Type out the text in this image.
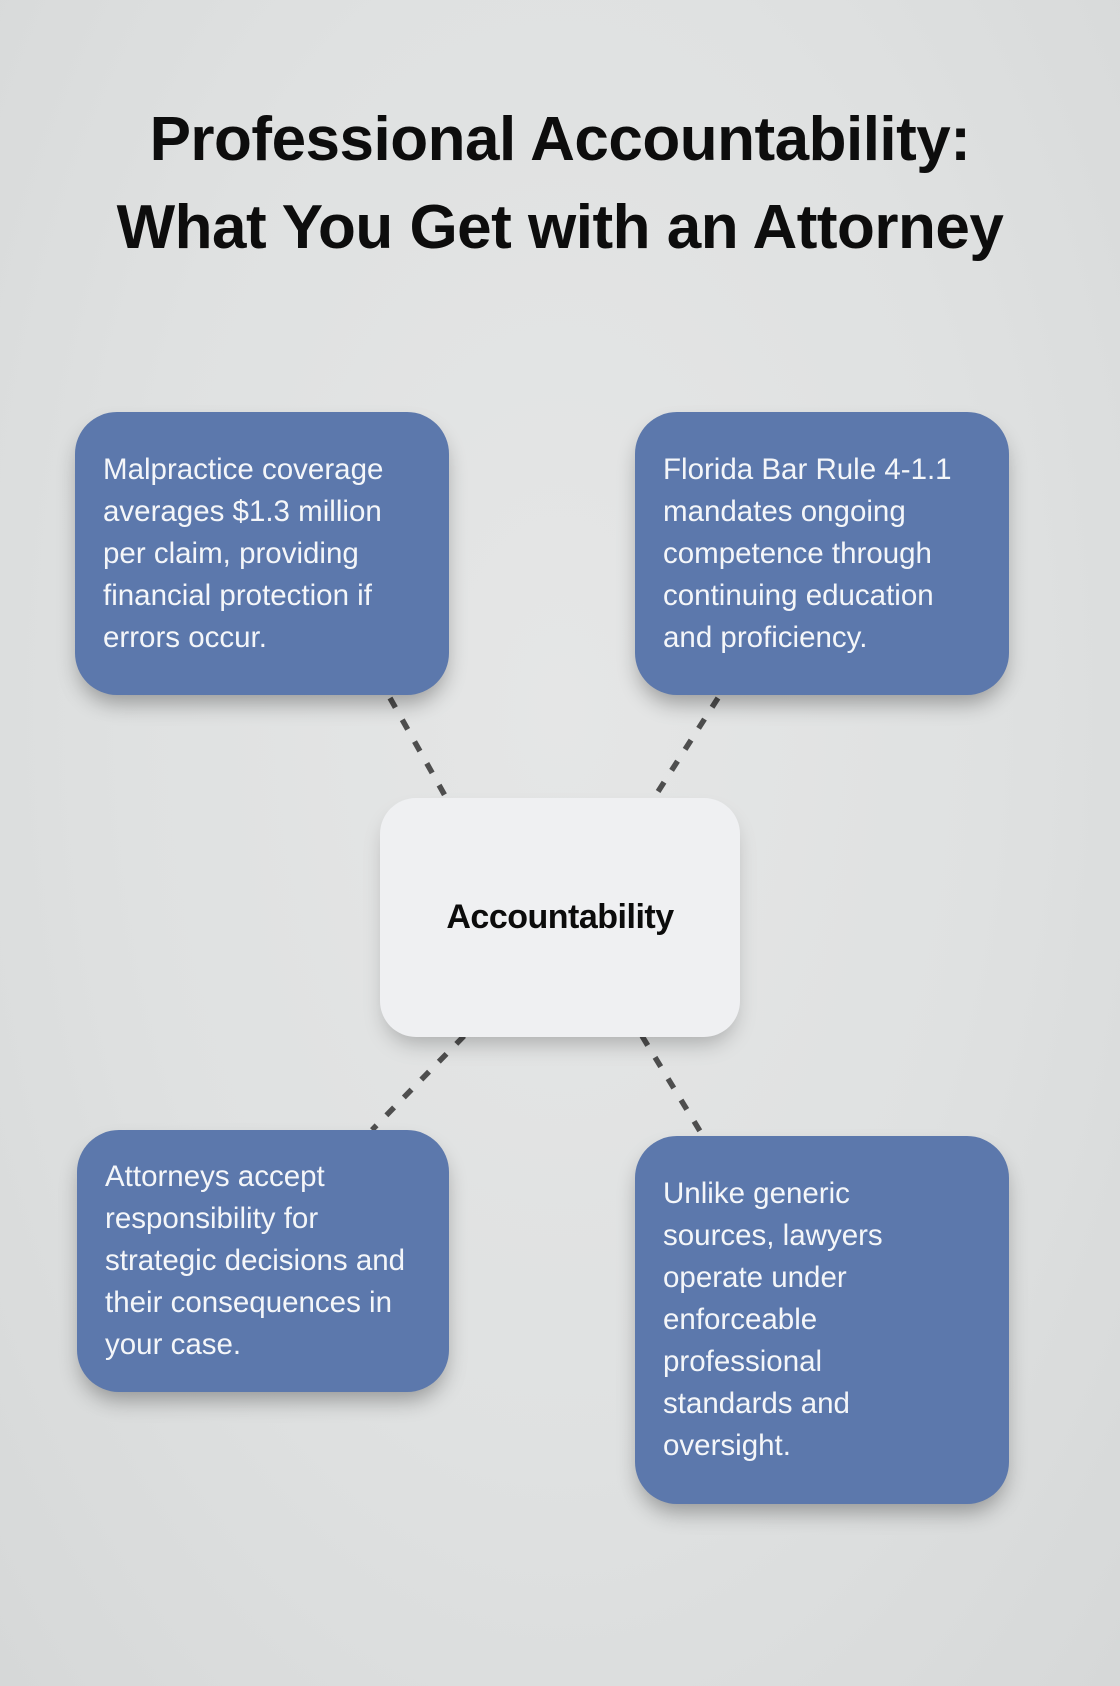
Professional Accountability:
What You Get with an Attorney
Malpractice coverage
averages $1.3 million
per claim, providing
financial protection if
errors occur.
Florida Bar Rule 4-1.1
mandates ongoing
competence through
continuing education
and proficiency.
Accountability
Attorneys accept
responsibility for
strategic decisions and
their consequences in
your case.
Unlike generic
sources, lawyers
operate under
enforceable
professional
standards and
oversight.
